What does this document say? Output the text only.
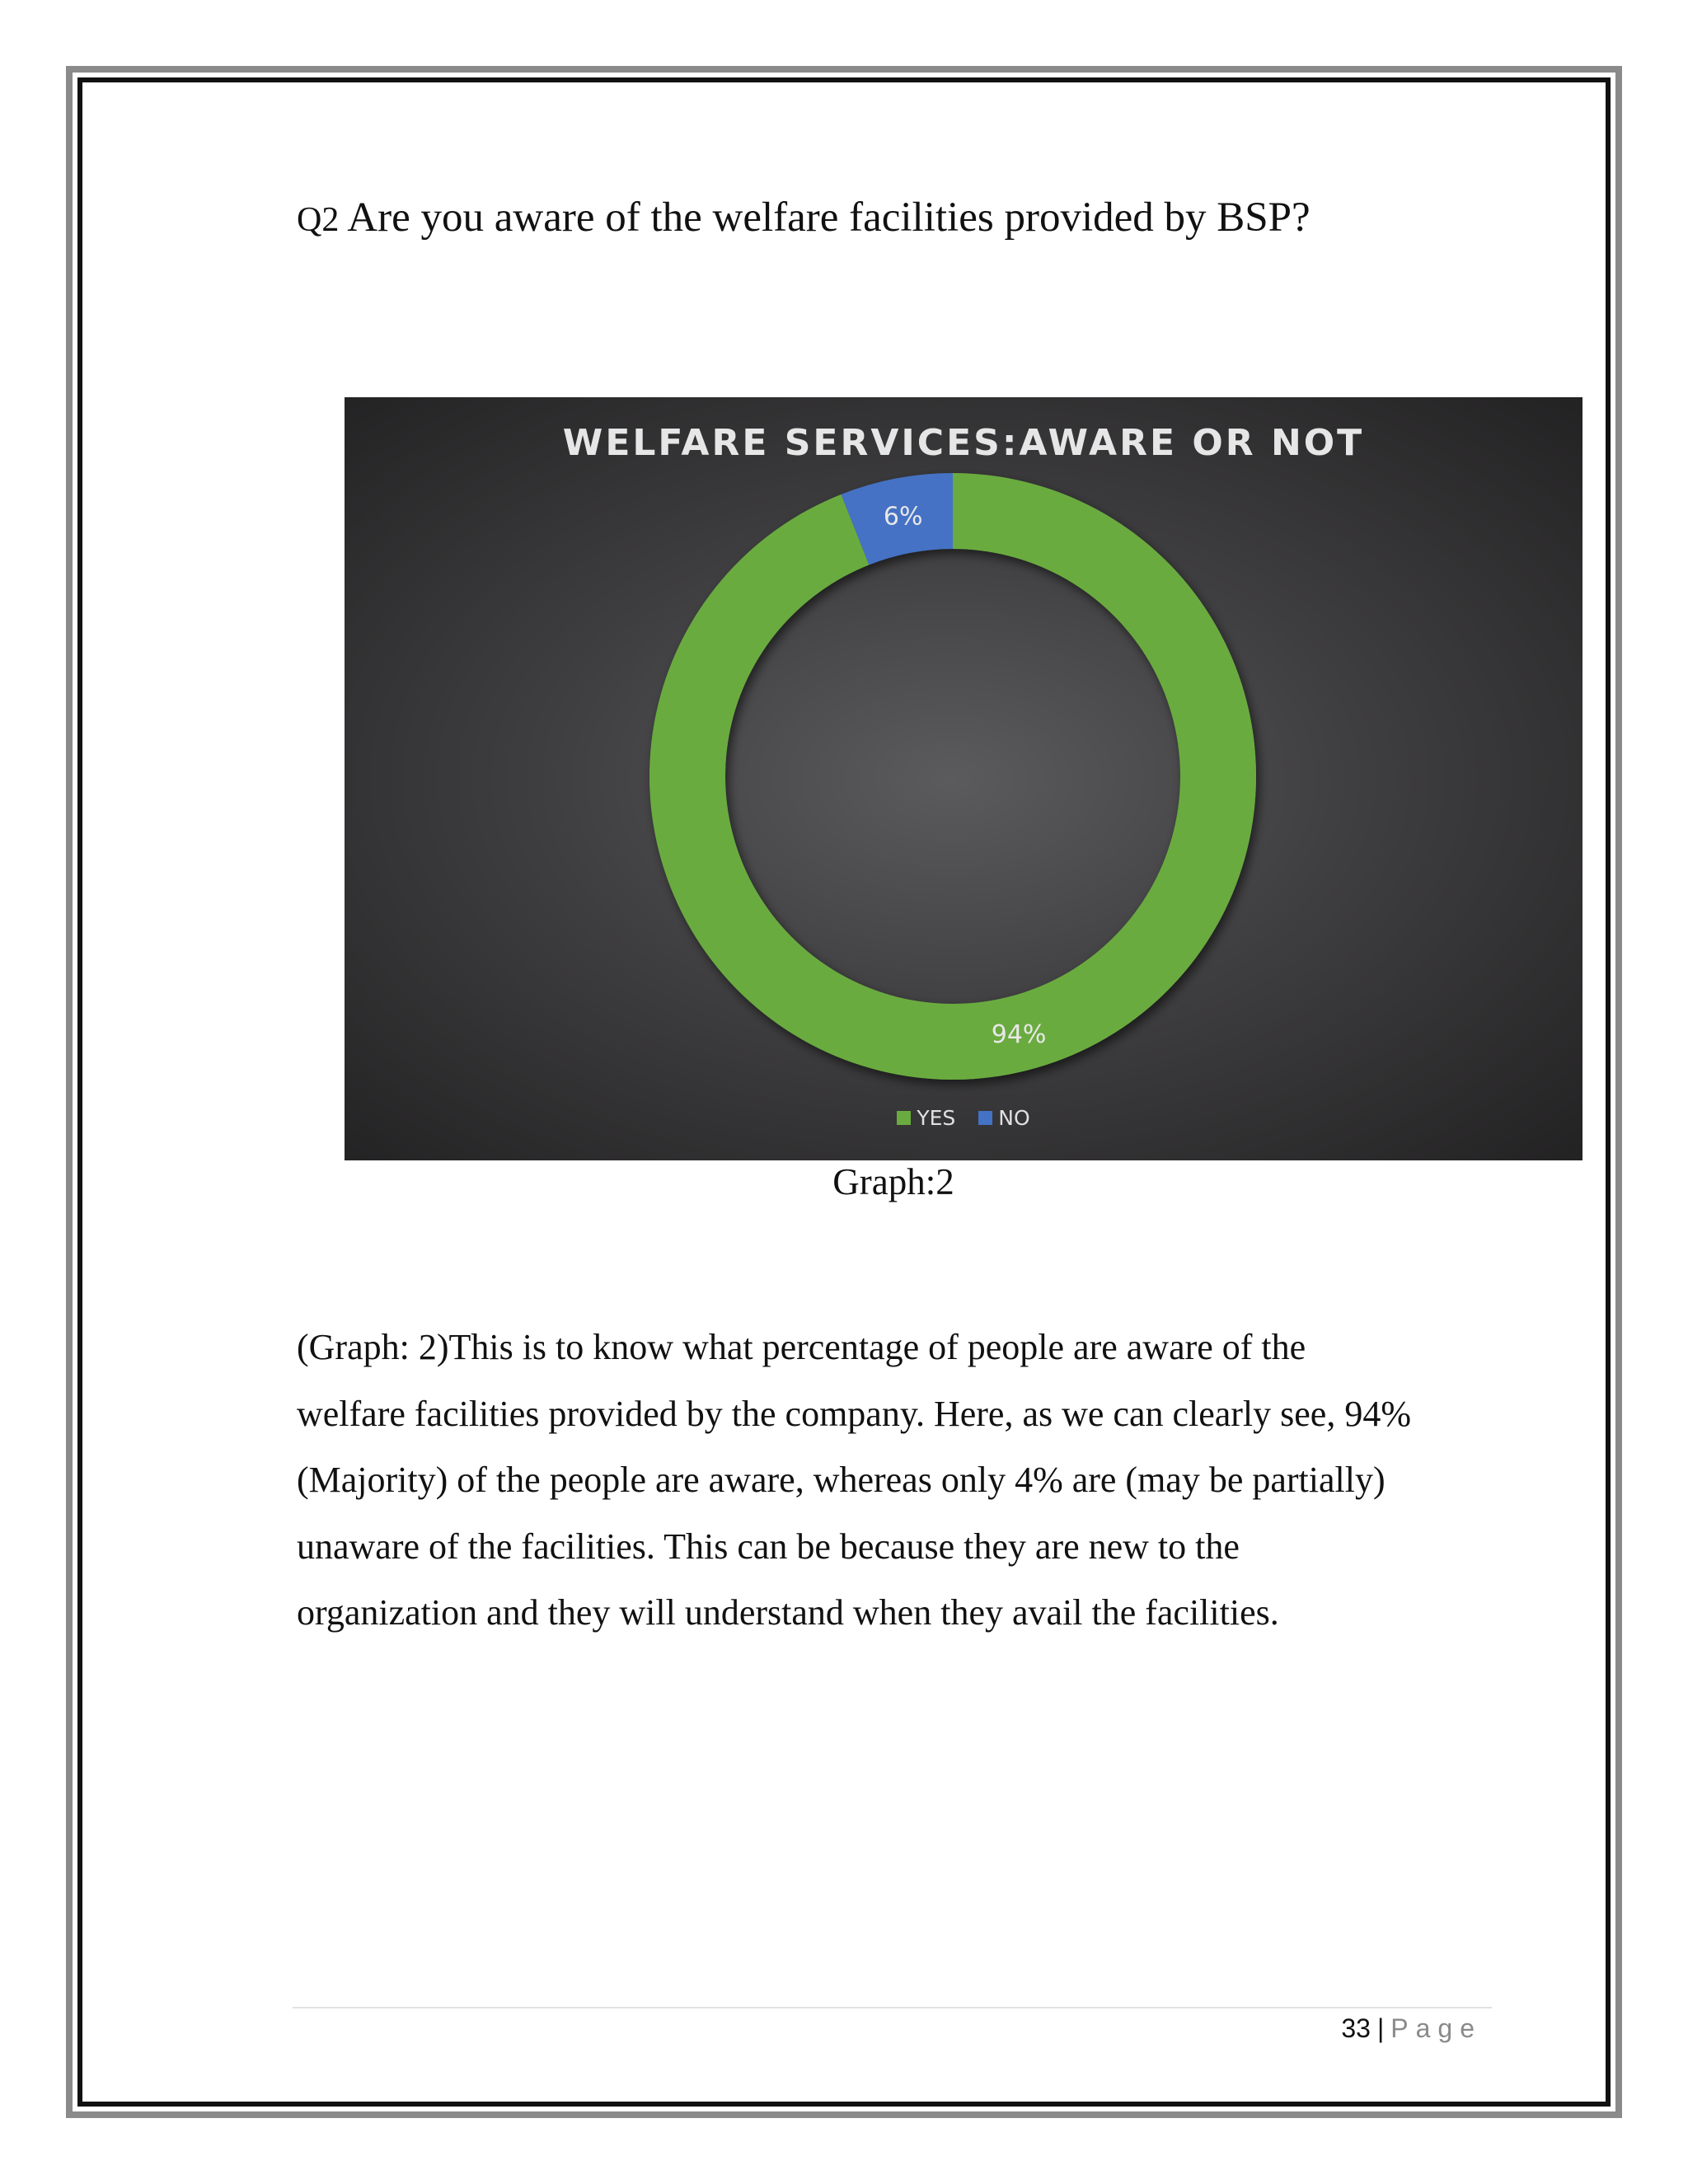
Q2 Are you aware of the welfare facilities provided by BSP?
94%
6%
WELFARE SERVICES:AWARE OR NOT
YES NO
Graph:2
(Graph: 2)This is to know what percentage of people are aware of the
welfare facilities provided by the company. Here, as we can clearly see, 94%
(Majority) of the people are aware, whereas only 4% are (may be partially)
unaware of the facilities. This can be because they are new to the
organization and they will understand when they avail the facilities.
33 | Page
